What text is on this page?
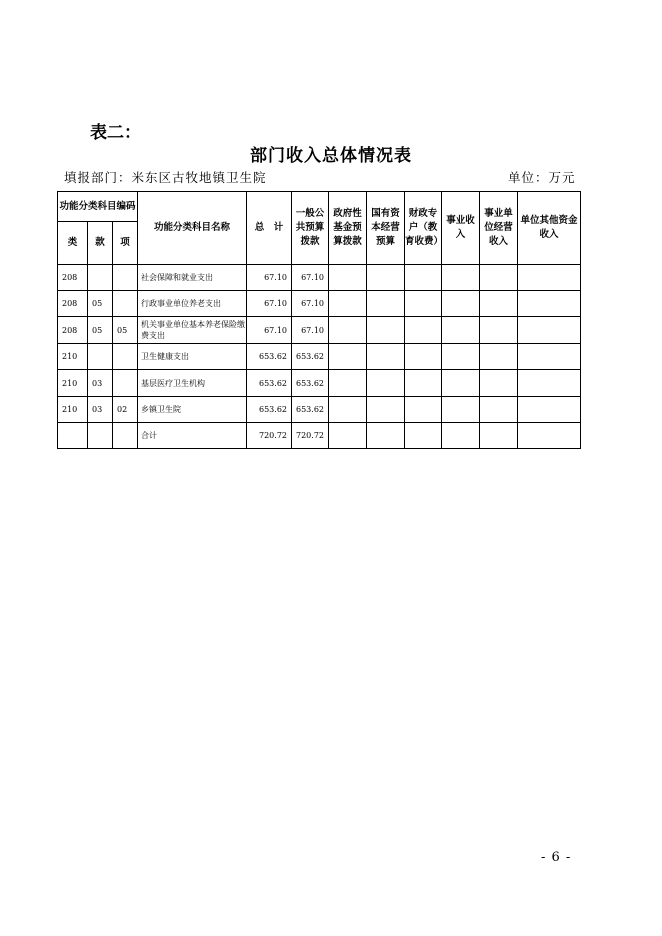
表二：
部门收入总体情况表
填报部门：米东区古牧地镇卫生院	单位：万元
功能分类科目编码			功能分类科目名称	总　计	一般公共预算拨款	政府性基金预算拨款	国有资本经营预算	财政专户（教育收费）	事业收入	事业单位经营收入	单位其他资金收入
类	款	项									
208			社会保障和就业支出	67.10	67.10						
208	05		行政事业单位养老支出	67.10	67.10						
208	05	05	机关事业单位基本养老保险缴费支出	67.10	67.10						
210			卫生健康支出	653.62	653.62						
210	03		基层医疗卫生机构	653.62	653.62						
210	03	02	乡镇卫生院	653.62	653.62						
			合计	720.72	720.72						
- 6 -
